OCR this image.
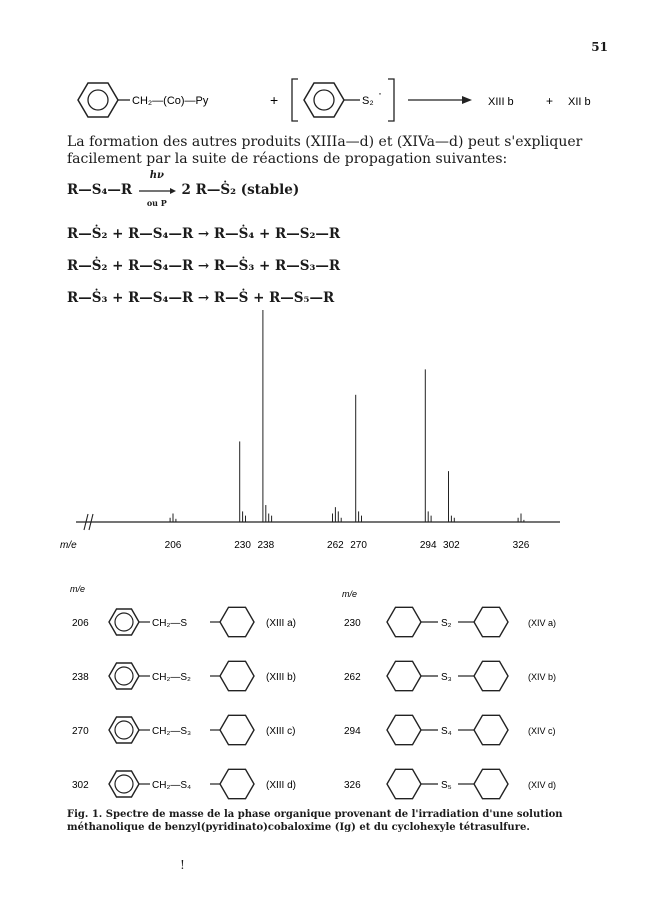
51
CH₂—(Co)—Py	+	S₂
·
XIII b	+ XII b
La formation des autres produits (XIIIa—d) et (XIVa—d) peut s'expliquer
facilement par la suite de réactions de propagation suivantes:
R—S₄—R
hν
ou P
2 R—Ṡ₂ (stable)
R—Ṡ₂ + R—S₄—R → R—Ṡ₄ + R—S₂—R
R—Ṡ₂ + R—S₄—R → R—Ṡ₃ + R—S₃—R
R—Ṡ₃ + R—S₄—R → R—Ṡ + R—S₅—R
m/e	206	230 238	262 270	294 302	326
m/e	m/e
206	CH₂—S	(XIII a)
238	CH₂—S₂	(XIII b)
270	CH₂—S₃	(XIII c)
302	CH₂—S₄	(XIII d)
230	S₂	(XIV a)
262	S₃	(XIV b)
294	S₄	(XIV c)
326	S₅	(XIV d)
Fig. 1. Spectre de masse de la phase organique provenant de l'irradiation d'une solution méthanolique de benzyl(pyridinato)cobaloxime (Ig) et du cyclohexyle tétrasulfure.
!
